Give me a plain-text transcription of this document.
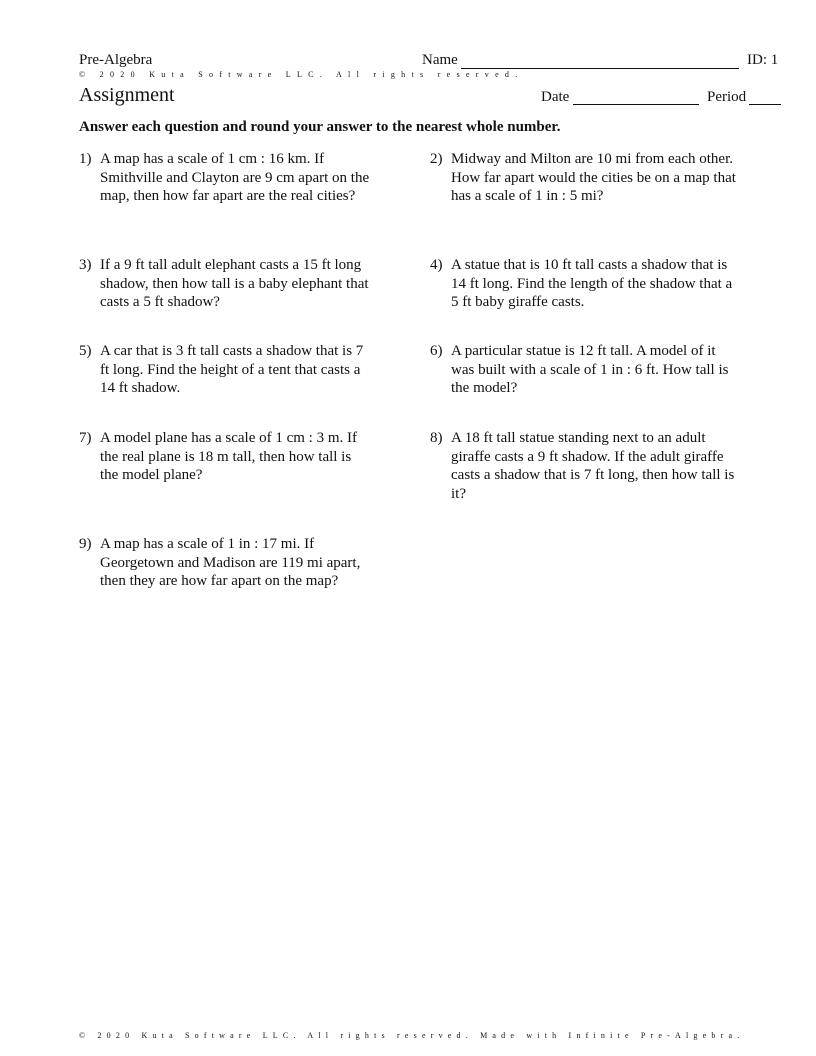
Pre-Algebra	Name	ID: 1
© 2020 Kuta Software LLC. All rights reserved.
Assignment	Date	Period
Answer each question and round your answer to the nearest whole number.
1) A map has a scale of 1 cm : 16 km. If Smithville and Clayton are 9 cm apart on the map, then how far apart are the real cities?
2) Midway and Milton are 10 mi from each other. How far apart would the cities be on a map that has a scale of 1 in : 5 mi?
3) If a 9 ft tall adult elephant casts a 15 ft long shadow, then how tall is a baby elephant that casts a 5 ft shadow?
4) A statue that is 10 ft tall casts a shadow that is 14 ft long. Find the length of the shadow that a 5 ft baby giraffe casts.
5) A car that is 3 ft tall casts a shadow that is 7 ft long. Find the height of a tent that casts a 14 ft shadow.
6) A particular statue is 12 ft tall. A model of it was built with a scale of 1 in : 6 ft. How tall is the model?
7) A model plane has a scale of 1 cm : 3 m. If the real plane is 18 m tall, then how tall is the model plane?
8) A 18 ft tall statue standing next to an adult giraffe casts a 9 ft shadow. If the adult giraffe casts a shadow that is 7 ft long, then how tall is it?
9) A map has a scale of 1 in : 17 mi. If Georgetown and Madison are 119 mi apart, then they are how far apart on the map?
© 2020 Kuta Software LLC. All rights reserved. Made with Infinite Pre-Algebra.
